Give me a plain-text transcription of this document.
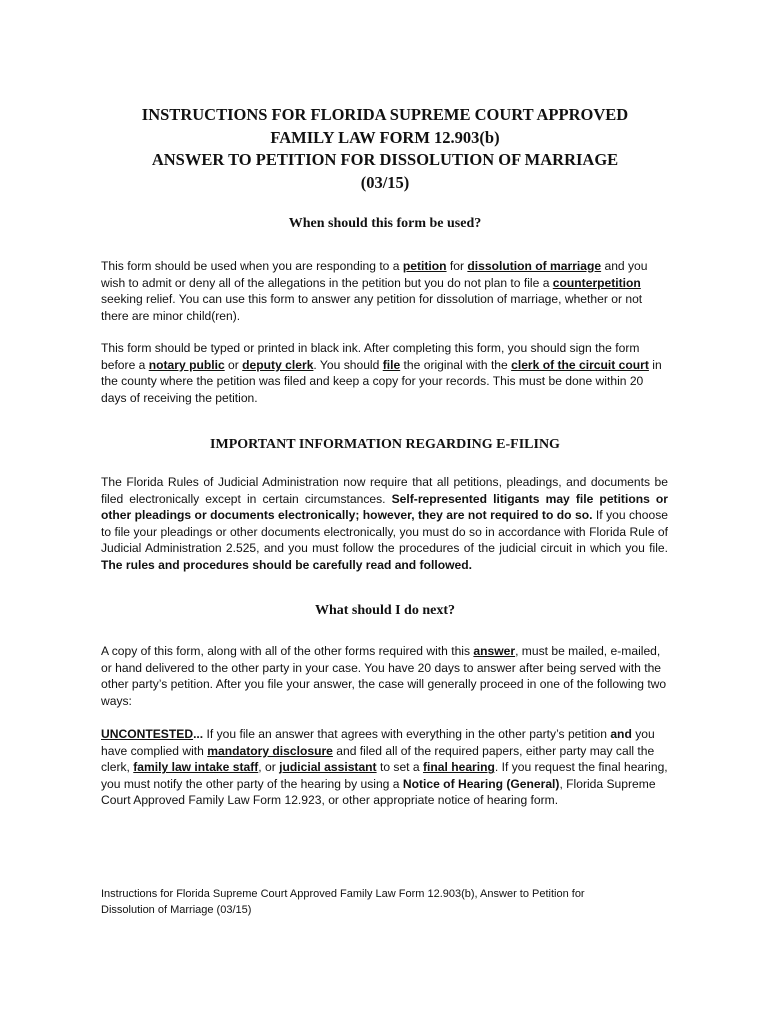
INSTRUCTIONS FOR FLORIDA SUPREME COURT APPROVED
FAMILY LAW FORM 12.903(b)
ANSWER TO PETITION FOR DISSOLUTION OF MARRIAGE
(03/15)
When should this form be used?
This form should be used when you are responding to a petition for dissolution of marriage and you wish to admit or deny all of the allegations in the petition but you do not plan to file a counterpetition seeking relief. You can use this form to answer any petition for dissolution of marriage, whether or not there are minor child(ren).
This form should be typed or printed in black ink. After completing this form, you should sign the form before a notary public or deputy clerk. You should file the original with the clerk of the circuit court in the county where the petition was filed and keep a copy for your records. This must be done within 20 days of receiving the petition.
IMPORTANT INFORMATION REGARDING E-FILING
The Florida Rules of Judicial Administration now require that all petitions, pleadings, and documents be filed electronically except in certain circumstances. Self-represented litigants may file petitions or other pleadings or documents electronically; however, they are not required to do so. If you choose to file your pleadings or other documents electronically, you must do so in accordance with Florida Rule of Judicial Administration 2.525, and you must follow the procedures of the judicial circuit in which you file. The rules and procedures should be carefully read and followed.
What should I do next?
A copy of this form, along with all of the other forms required with this answer, must be mailed, e-mailed, or hand delivered to the other party in your case. You have 20 days to answer after being served with the other party’s petition. After you file your answer, the case will generally proceed in one of the following two ways:
UNCONTESTED... If you file an answer that agrees with everything in the other party’s petition and you have complied with mandatory disclosure and filed all of the required papers, either party may call the clerk, family law intake staff, or judicial assistant to set a final hearing. If you request the final hearing, you must notify the other party of the hearing by using a Notice of Hearing (General), Florida Supreme Court Approved Family Law Form 12.923, or other appropriate notice of hearing form.
Instructions for Florida Supreme Court Approved Family Law Form 12.903(b), Answer to Petition for
Dissolution of Marriage (03/15)
